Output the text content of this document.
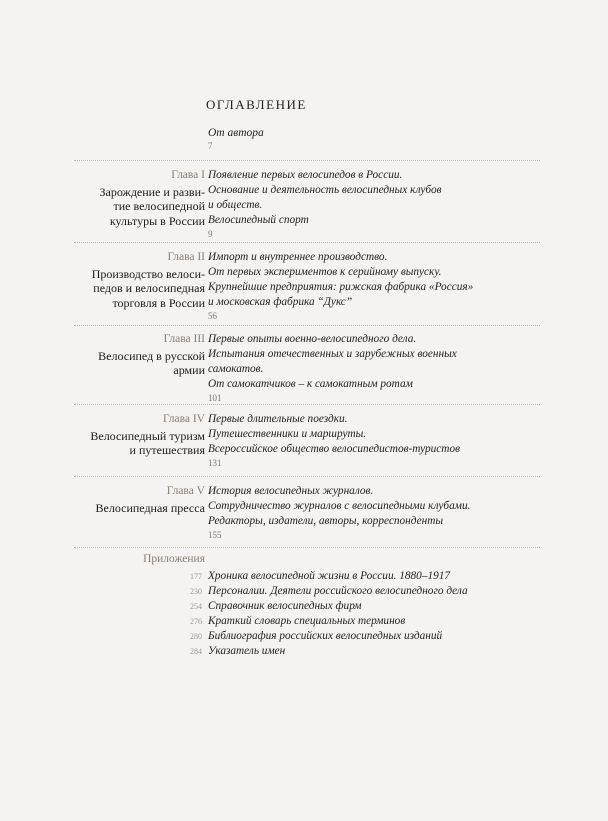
ОГЛАВЛЕНИЕ
От автора
7
Глава I
Зарождение и разви-
тие велосипедной
культуры в России
Появление первых велосипедов в России.
Основание и деятельность велосипедных клубов
и обществ.
Велосипедный спорт
9
Глава II
Производство велоси-
педов и велосипедная
торговля в России
Импорт и внутреннее производство.
От первых экспериментов к серийному выпуску.
Крупнейшие предприятия: рижская фабрика «Россия»
и московская фабрика “Дукс”
56
Глава III
Велосипед в русской
армии
Первые опыты военно-велосипедного дела.
Испытания отечественных и зарубежных военных
самокатов.
От самокатчиков – к самокатным ротам
101
Глава IV
Велосипедный туризм
и путешествия
Первые длительные поездки.
Путешественники и маршруты.
Всероссийское общество велосипедистов-туристов
131
Глава V
Велосипедная пресса
История велосипедных журналов.
Сотрудничество журналов с велосипедными клубами.
Редакторы, издатели, авторы, корреспонденты
155
Приложения
177 Хроника велосипедной жизни в России. 1880–1917
230 Персоналии. Деятели российского велосипедного дела
254 Справочник велосипедных фирм
276 Краткий словарь специальных терминов
280 Библиография российских велосипедных изданий
284 Указатель имен
